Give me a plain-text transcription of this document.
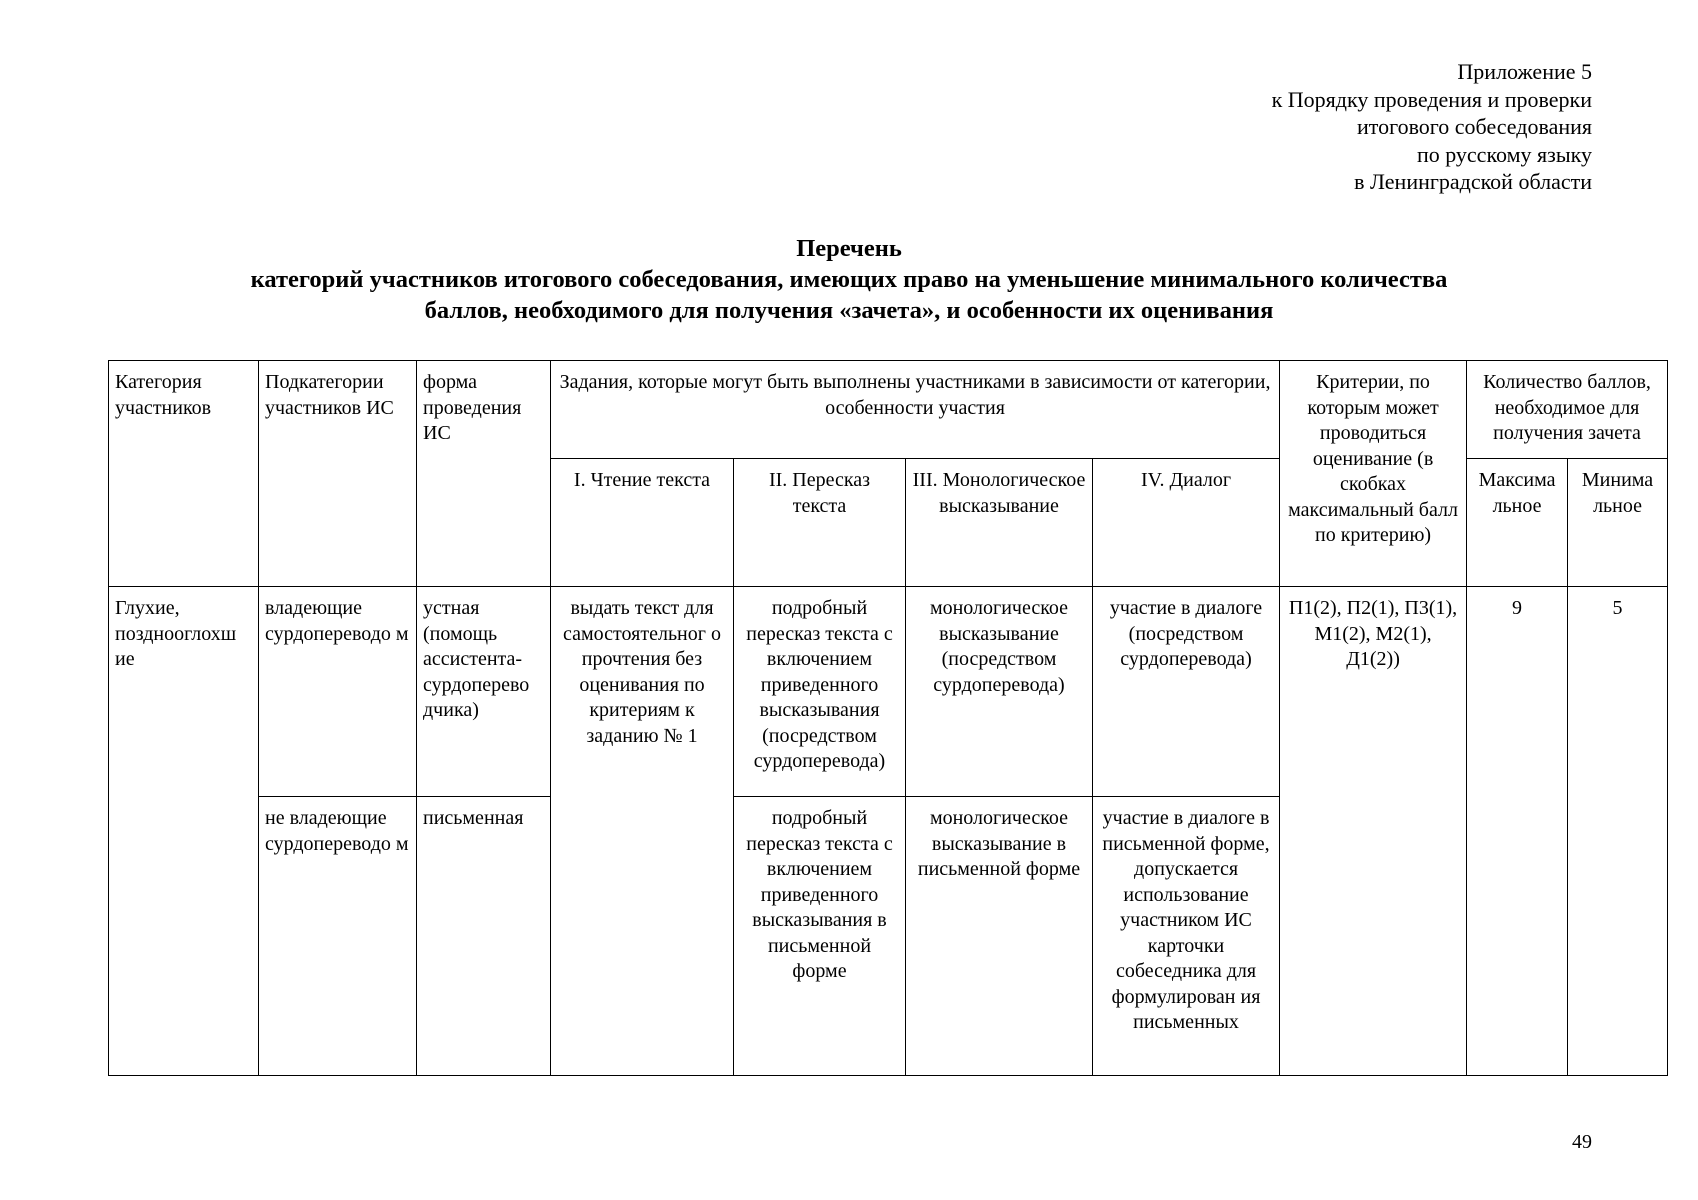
Приложение 5
к Порядку проведения и проверки
итогового собеседования
по русскому языку
в Ленинградской области
Перечень
категорий участников итогового собеседования, имеющих право на уменьшение минимального количества
баллов, необходимого для получения «зачета», и особенности их оценивания
Категория участников	Подкатегории участников ИС	форма проведения ИС	Задания, которые могут быть выполнены участниками в зависимости от категории, особенности участия				Критерии, по которым может проводиться оценивание (в скобках максимальный балл по критерию)	Количество баллов, необходимое для получения зачета	
			I. Чтение текста	II. Пересказ текста	III. Монологическое высказывание	IV. Диалог		Максима льное	Минима льное
Глухие, позднооглохш ие	владеющие сурдопереводо м	устная (помощь ассистента-сурдоперево дчика)	выдать текст для самостоятельног о прочтения без оценивания по критериям к заданию № 1	подробный пересказ текста с включением приведенного высказывания (посредством сурдоперевода)	монологическое высказывание (посредством сурдоперевода)	участие в диалоге (посредством сурдоперевода)	П1(2), П2(1), П3(1), М1(2), М2(1), Д1(2))	9	5
	не владеющие сурдопереводо м	письменная		подробный пересказ текста с включением приведенного высказывания в письменной форме	монологическое высказывание в письменной форме	участие в диалоге в письменной форме, допускается использование участником ИС карточки собеседника для формулирован ия письменных			
49
